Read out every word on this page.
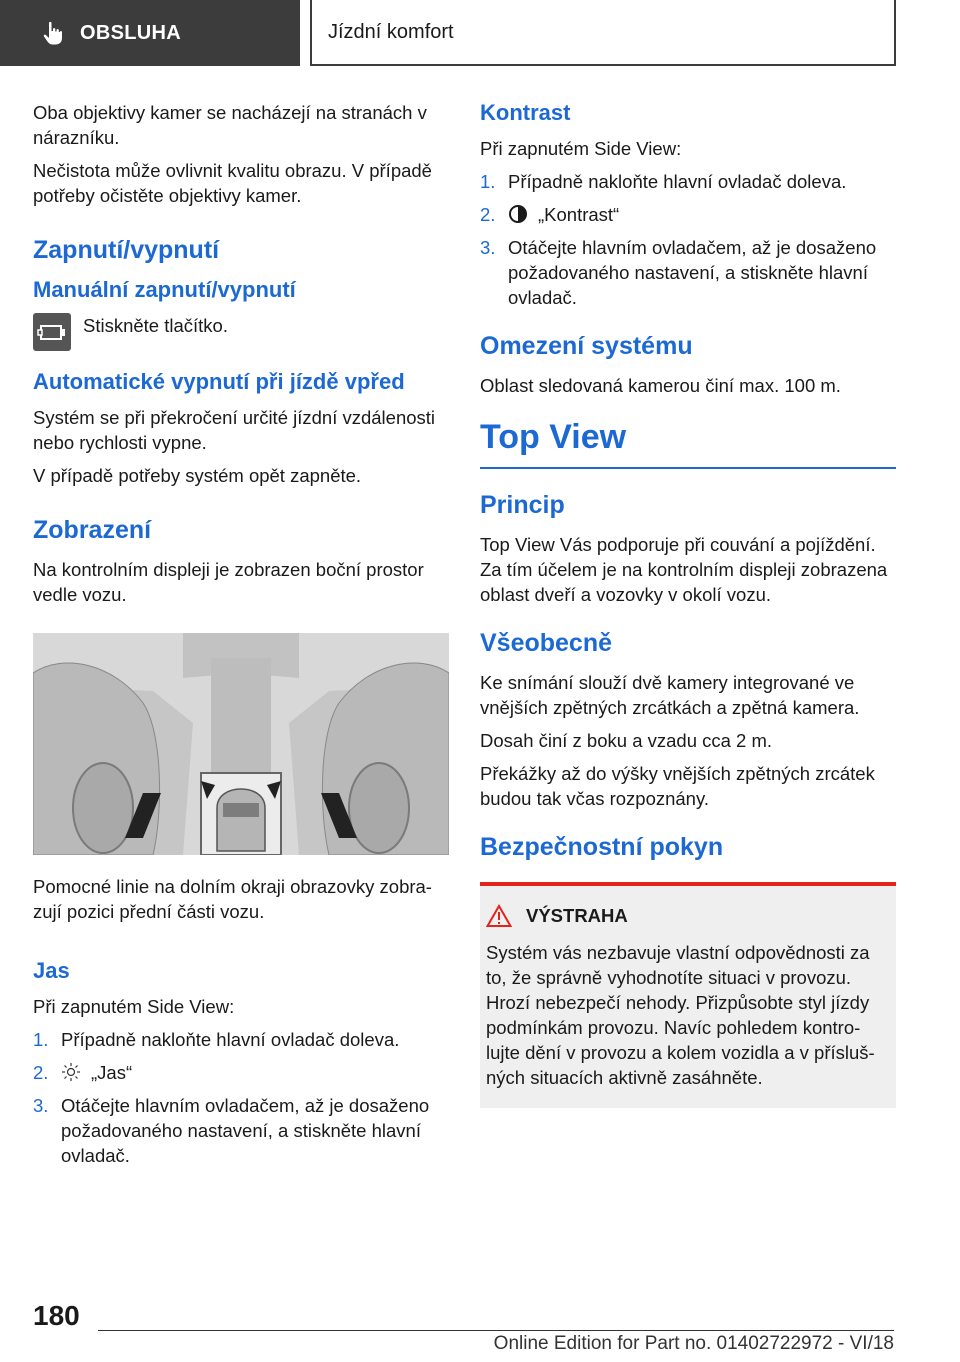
OBSLUHA	Jízdní komfort

Oba objektivy kamer se nacházejí na stranách v nárazníku.

Nečistota může ovlivnit kvalitu obrazu. V případě potřeby očistěte objektivy kamer.

Zapnutí/vypnutí
Manuální zapnutí/vypnutí

Stiskněte tlačítko.

Automatické vypnutí při jízdě vpřed

Systém se při překročení určité jízdní vzdálenosti nebo rychlosti vypne.

V případě potřeby systém opět zapněte.

Zobrazení

Na kontrolním displeji je zobrazen boční prostor vedle vozu.

Pomocné linie na dolním okraji obrazovky zobra-zují pozici přední části vozu.

Jas

Při zapnutém Side View:

1. Případně nakloňte hlavní ovladač doleva.
2.	„Jas“
3. Otáčejte hlavním ovladačem, až je dosaženo požadovaného nastavení, a stiskněte hlavní ovladač.
Kontrast

Při zapnutém Side View:

1. Případně nakloňte hlavní ovladač doleva.
2.	„Kontrast“
3. Otáčejte hlavním ovladačem, až je dosaženo požadovaného nastavení, a stiskněte hlavní ovladač.
Omezení systému

Oblast sledovaná kamerou činí max. 100 m.

Top View
Princip

Top View Vás podporuje při couvání a pojíždění. Za tím účelem je na kontrolním displeji zobrazena oblast dveří a vozovky v okolí vozu.

Všeobecně

Ke snímání slouží dvě kamery integrované ve vnějších zpětných zrcátkách a zpětná kamera.

Dosah činí z boku a vzadu cca 2 m.

Překážky až do výšky vnějších zpětných zrcátek budou tak včas rozpoznány.

Bezpečnostní pokyn
VÝSTRAHA

Systém vás nezbavuje vlastní odpovědnosti za to, že správně vyhodnotíte situaci v provozu. Hrozí nebezpečí nehody. Přizpůsobte styl jízdy podmínkám provozu. Navíc pohledem kontro-lujte dění v provozu a kolem vozidla a v přísluš-ných situacích aktivně zasáhněte.

180
Online Edition for Part no. 01402722972 - VI/18
